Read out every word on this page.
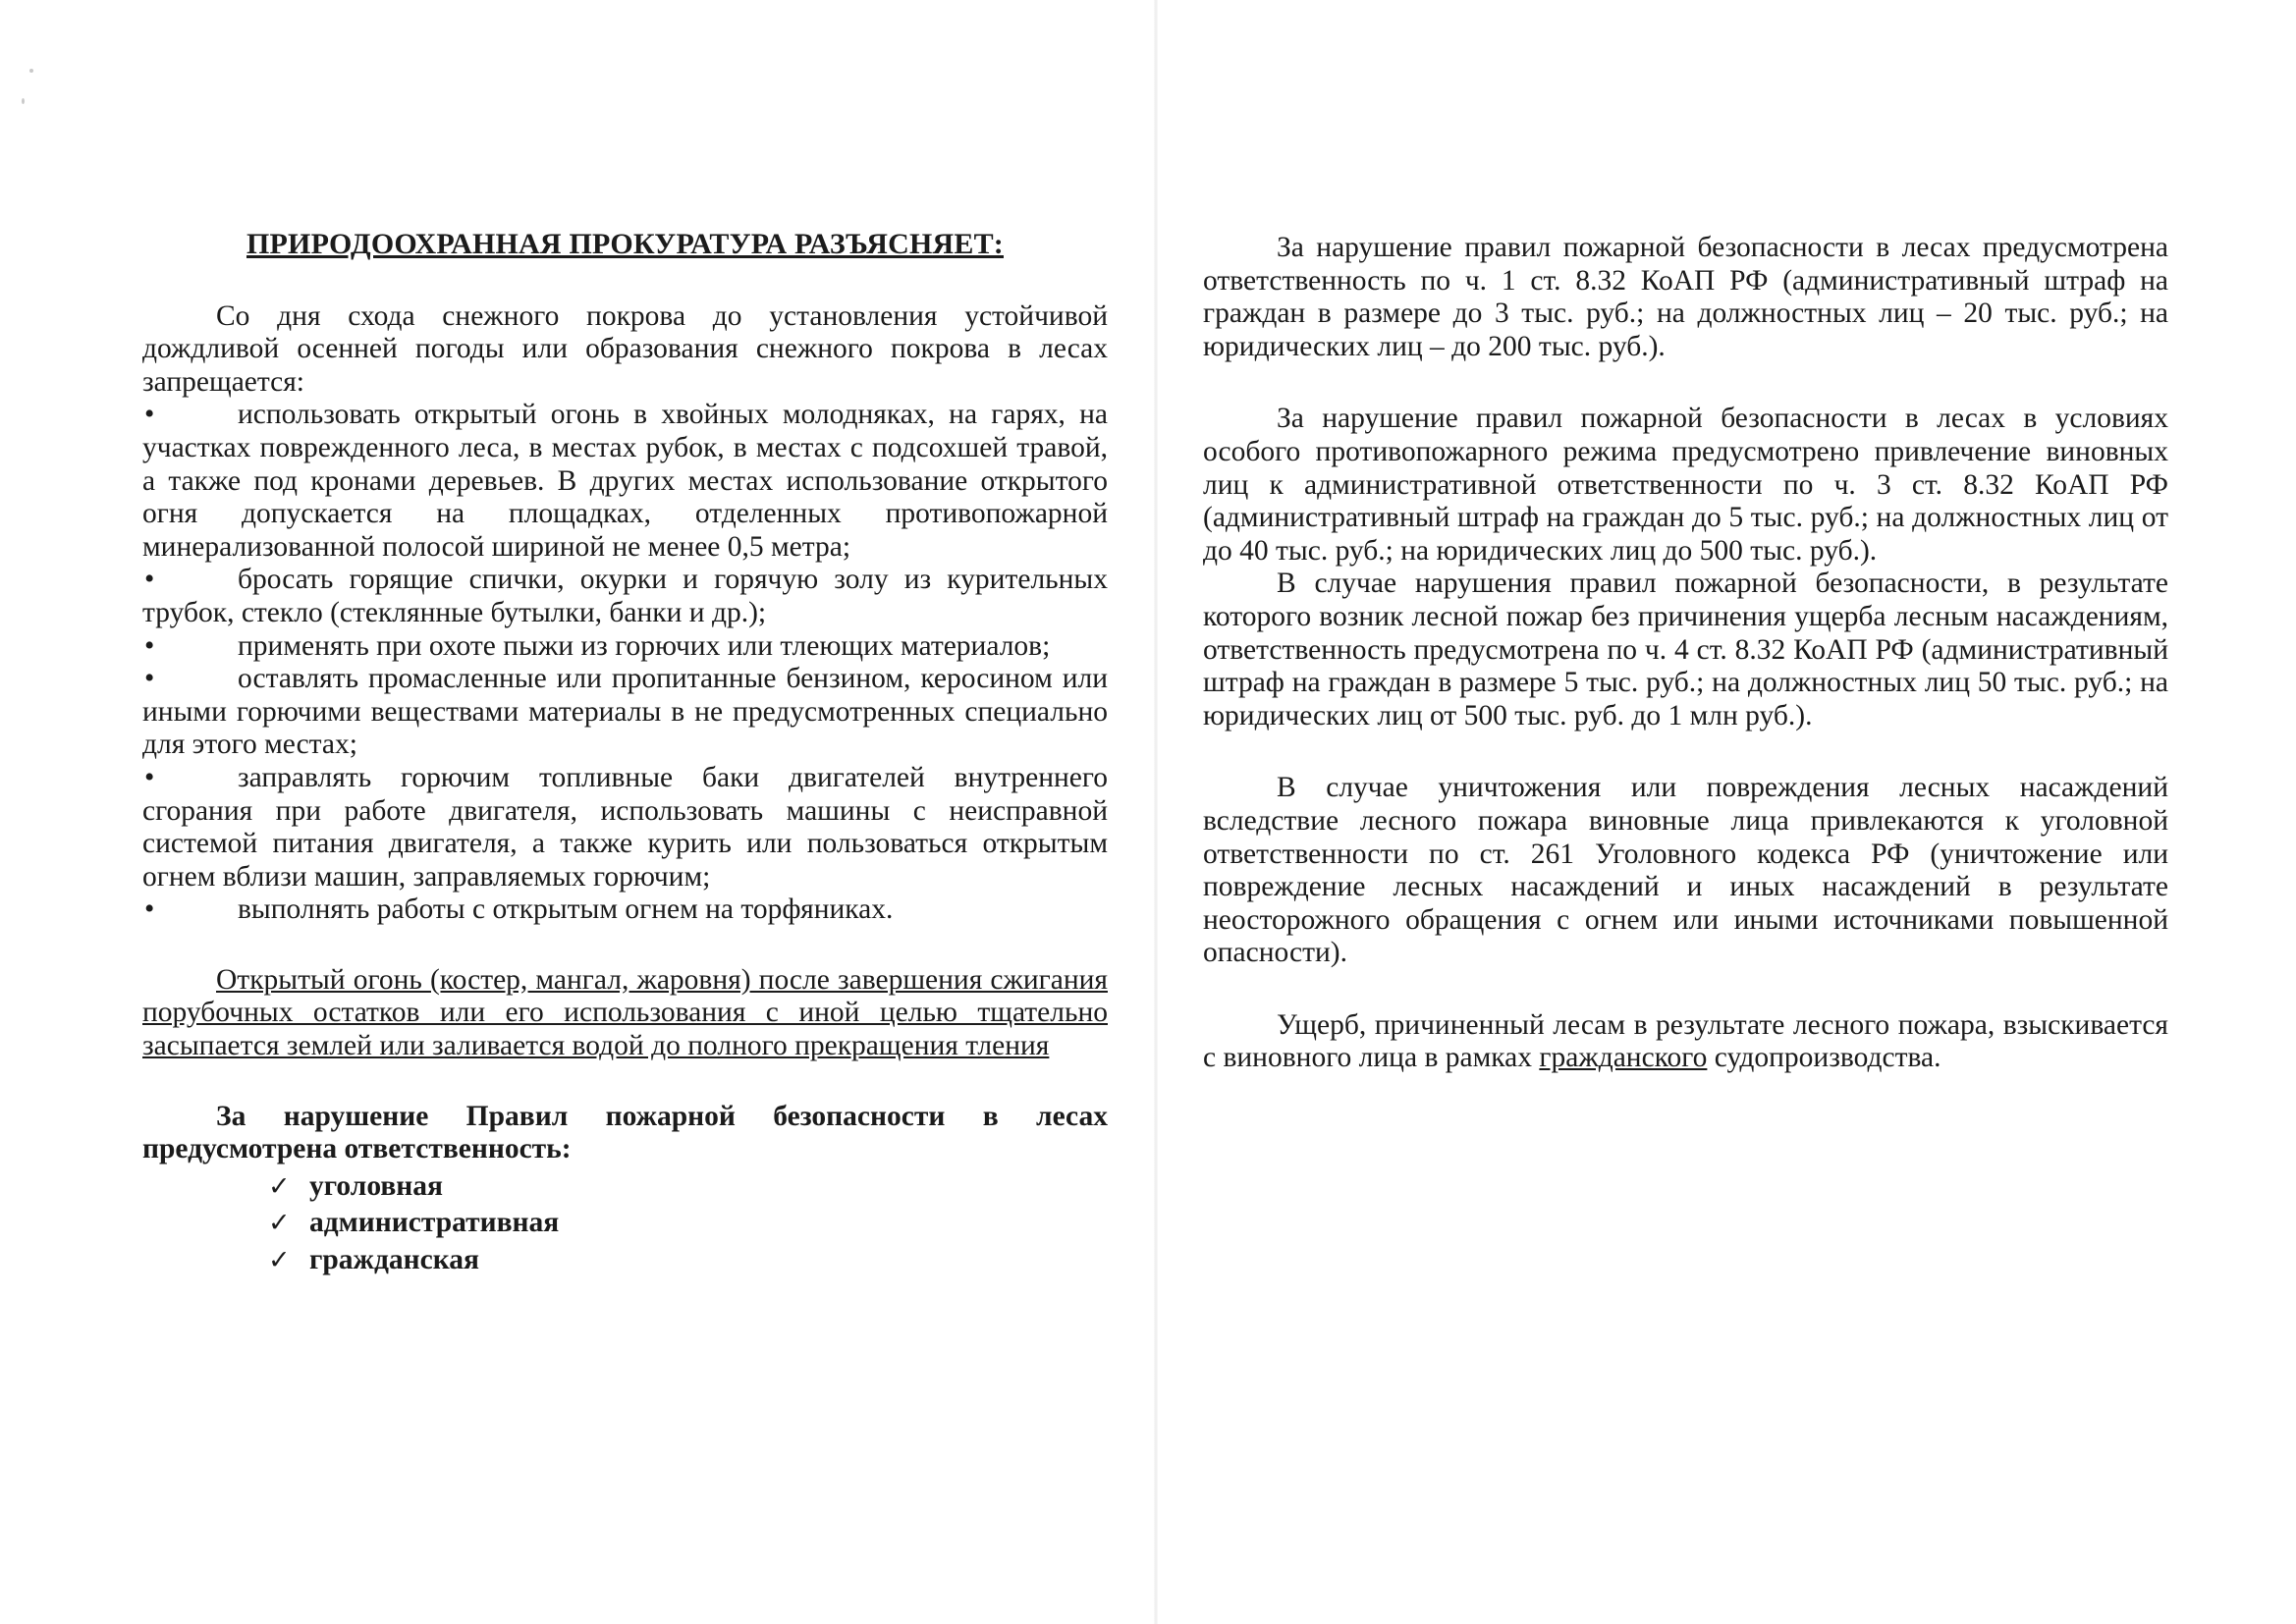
ПРИРОДООХРАННАЯ ПРОКУРАТУРА РАЗЪЯСНЯЕТ:

Со дня схода снежного покрова до установления устойчивой дождливой осенней погоды или образования снежного покрова в лесах запрещается:

•	использовать открытый огонь в хвойных молодняках, на гарях, на участках поврежденного леса, в местах рубок, в местах с подсохшей травой, а также под кронами деревьев. В других местах использование открытого огня допускается на площадках, отделенных противопожарной минерализованной полосой шириной не менее 0,5 метра;
•	бросать горящие спички, окурки и горячую золу из курительных трубок, стекло (стеклянные бутылки, банки и др.);
•	применять при охоте пыжи из горючих или тлеющих материалов;
•	оставлять промасленные или пропитанные бензином, керосином или иными горючими веществами материалы в не предусмотренных специально для этого местах;
•	заправлять горючим топливные баки двигателей внутреннего сгорания при работе двигателя, использовать машины с неисправной системой питания двигателя, а также курить или пользоваться открытым огнем вблизи машин, заправляемых горючим;
•	выполнять работы с открытым огнем на торфяниках.

Открытый огонь (костер, мангал, жаровня) после завершения сжигания порубочных остатков или его использования с иной целью тщательно засыпается землей или заливается водой до полного прекращения тления

За нарушение Правил пожарной безопасности в лесах предусмотрена ответственность:

✓ уголовная
✓ административная
✓ гражданская

За нарушение правил пожарной безопасности в лесах предусмотрена ответственность по ч. 1 ст. 8.32 КоАП РФ (административный штраф на граждан в размере до 3 тыс. руб.; на должностных лиц – 20 тыс. руб.; на юридических лиц – до 200 тыс. руб.).

За нарушение правил пожарной безопасности в лесах в условиях особого противопожарного режима предусмотрено привлечение виновных лиц к административной ответственности по ч. 3 ст. 8.32 КоАП РФ (административный штраф на граждан до 5 тыс. руб.; на должностных лиц от до 40 тыс. руб.; на юридических лиц до 500 тыс. руб.).

В случае нарушения правил пожарной безопасности, в результате которого возник лесной пожар без причинения ущерба лесным насаждениям, ответственность предусмотрена по ч. 4 ст. 8.32 КоАП РФ (административный штраф на граждан в размере 5 тыс. руб.; на должностных лиц 50 тыс. руб.; на юридических лиц от 500 тыс. руб. до 1 млн руб.).

В случае уничтожения или повреждения лесных насаждений вследствие лесного пожара виновные лица привлекаются к уголовной ответственности по ст. 261 Уголовного кодекса РФ (уничтожение или повреждение лесных насаждений и иных насаждений в результате неосторожного обращения с огнем или иными источниками повышенной опасности).

Ущерб, причиненный лесам в результате лесного пожара, взыскивается с виновного лица в рамках гражданского судопроизводства.
